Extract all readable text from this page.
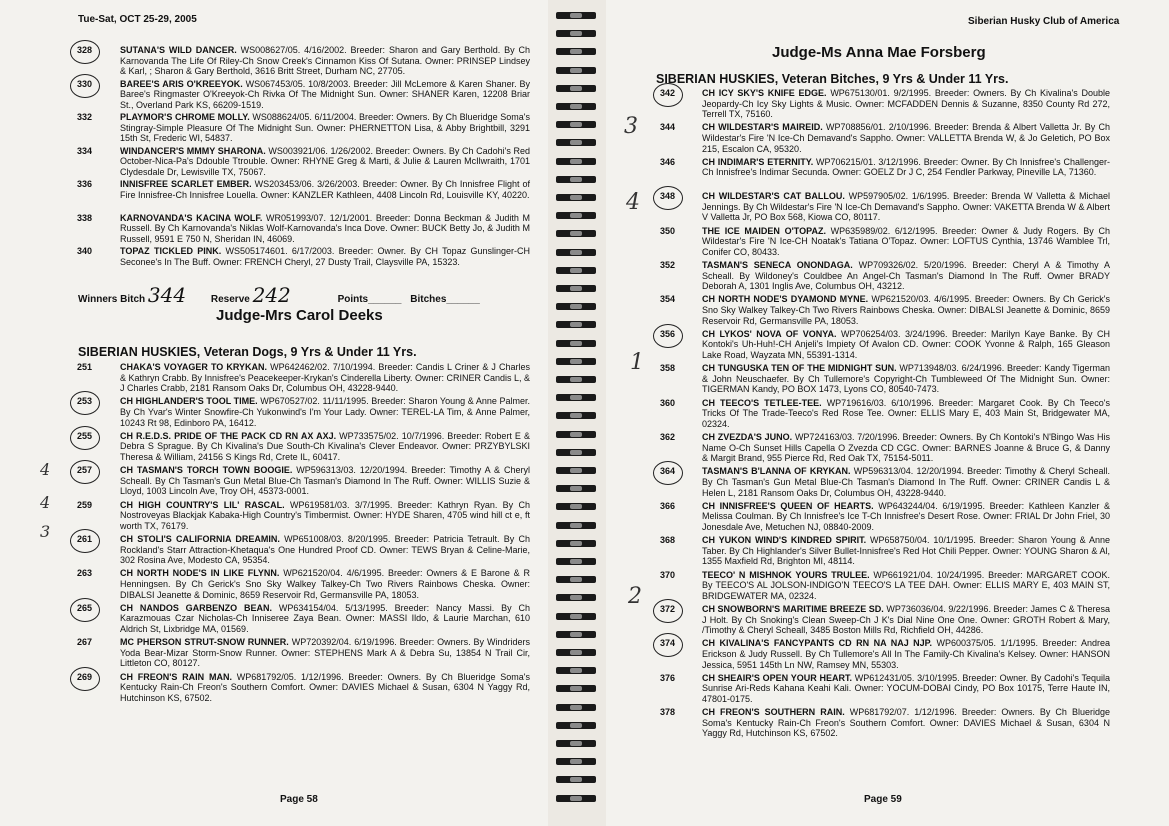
Tue-Sat, OCT 25-29, 2005
328	SUTANA'S WILD DANCER. WS008627/05. 4/16/2002. Breeder: Sharon and Gary Berthold. By Ch Karnovanda The Life Of Riley-Ch Snow Creek's Cinnamon Kiss Of Sutana. Owner: PRINSEP Lindsey & Karl, ; Sharon & Gary Berthold, 3616 Britt Street, Durham NC, 27705.
330	BAREE'S ARIS O'KREEYOK. WS067453/05. 10/8/2003. Breeder: Jill McLemore & Karen Shaner. By Baree's Ringmaster O'Kreeyok-Ch Rivka Of The Midnight Sun. Owner: SHANER Karen, 12208 Briar St., Overland Park KS, 66209-1519.
332	PLAYMOR'S CHROME MOLLY. WS088624/05. 6/11/2004. Breeder: Owners. By Ch Blueridge Soma's Stingray-Simple Pleasure Of The Midnight Sun. Owner: PHERNETTON Lisa, & Abby Brightbill, 3291 15th St, Frederic WI, 54837.
334	WINDANCER'S MMMY SHARONA. WS003921/06. 1/26/2002. Breeder: Owners. By Ch Cadohi's Red October-Nica-Pa's Ddouble Ttrouble. Owner: RHYNE Greg & Marti, & Julie & Lauren McIlwraith, 1701 Clydesdale Dr, Lewisville TX, 75067.
336	INNISFREE SCARLET EMBER. WS203453/06. 3/26/2003. Breeder: Owner. By Ch Innisfree Flight of Fire Innisfree-Ch Innisfree Louella. Owner: KANZLER Kathleen, 4408 Lincoln Rd, Louisville KY, 40220.
338	KARNOVANDA'S KACINA WOLF. WR051993/07. 12/1/2001. Breeder: Donna Beckman & Judith M Russell. By Ch Karnovanda's Niklas Wolf-Karnovanda's Inca Dove. Owner: BUCK Betty Jo, & Judith M Russell, 9591 E 750 N, Sheridan IN, 46069.
340	TOPAZ TICKLED PINK. WS505174601. 6/17/2003. Breeder: Owner. By CH Topaz Gunslinger-CH Seconee's In The Buff. Owner: FRENCH Cheryl, 27 Dusty Trail, Claysville PA, 15323.
Winners Bitch 344 Reserve 242	Points______ Bitches______
Judge-Mrs Carol Deeks
SIBERIAN HUSKIES, Veteran Dogs, 9 Yrs & Under 11 Yrs.
251	CHAKA'S VOYAGER TO KRYKAN. WP642462/02. 7/10/1994. Breeder: Candis L Criner & J Charles & Kathryn Crabb. By Innisfree's Peacekeeper-Krykan's Cinderella Liberty. Owner: CRINER Candis L, & J Charles Crabb, 2181 Ransom Oaks Dr, Columbus OH, 43228-9440.
253	CH HIGHLANDER'S TOOL TIME. WP670527/02. 11/11/1995. Breeder: Sharon Young & Anne Palmer. By Ch Yvar's Winter Snowfire-Ch Yukonwind's I'm Your Lady. Owner: TEREL-LA Tim, & Anne Palmer, 10243 Rt 98, Edinboro PA, 16412.
255	CH R.E.D.S. PRIDE OF THE PACK CD RN AX AXJ. WP733575/02. 10/7/1996. Breeder: Robert E & Debra S Sprague. By Ch Kivalina's Due South-Ch Kivalina's Clever Endeavor. Owner: PRZYBYLSKI Theresa & William, 24156 S Kings Rd, Crete IL, 60417.
257	CH TASMAN'S TORCH TOWN BOOGIE. WP596313/03. 12/20/1994. Breeder: Timothy A & Cheryl Scheall. By Ch Tasman's Gun Metal Blue-Ch Tasman's Diamond In The Ruff. Owner: WILLIS Suzie & Lloyd, 1003 Lincoln Ave, Troy OH, 45373-0001.
259	CH HIGH COUNTRY'S LIL' RASCAL. WP619581/03. 3/7/1995. Breeder: Kathryn Ryan. By Ch Nostroveyas Blackjak Kabaka-High Country's Timbermist. Owner: HYDE Sharen, 4705 wind hill ct e, ft worth TX, 76179.
261	CH STOLI'S CALIFORNIA DREAMIN. WP651008/03. 8/20/1995. Breeder: Patricia Tetrault. By Ch Rockland's Starr Attraction-Khetaqua's One Hundred Proof CD. Owner: TEWS Bryan & Celine-Marie, 302 Rosina Ave, Modesto CA, 95354.
263	CH NORTH NODE'S IN LIKE FLYNN. WP621520/04. 4/6/1995. Breeder: Owners & E Barone & R Henningsen. By Ch Gerick's Sno Sky Walkey Talkey-Ch Two Rivers Rainbows Cheska. Owner: DIBALSI Jeanette & Dominic, 8659 Reservoir Rd, Germansville PA, 18053.
265	CH NANDOS GARBENZO BEAN. WP634154/04. 5/13/1995. Breeder: Nancy Massi. By Ch Karazmouas Czar Nicholas-Ch Inniseree Zaya Bean. Owner: MASSI Ildo, & Laurie Marchan, 610 Aldrich St, Lixbridge MA, 01569.
267	MC PHERSON STRUT-SNOW RUNNER. WP720392/04. 6/19/1996. Breeder: Owners. By Windriders Yoda Bear-Mizar Storm-Snow Runner. Owner: STEPHENS Mark A & Debra Su, 13854 N Trail Cir, Littleton CO, 80127.
269	CH FREON'S RAIN MAN. WP681792/05. 1/12/1996. Breeder: Owners. By Ch Blueridge Soma's Kentucky Rain-Ch Freon's Southern Comfort. Owner: DAVIES Michael & Susan, 6304 N Yaggy Rd, Hutchinson KS, 67502.
4
4
3
Page 58
Siberian Husky Club of America
Judge-Ms Anna Mae Forsberg
SIBERIAN HUSKIES, Veteran Bitches, 9 Yrs & Under 11 Yrs.
342	CH ICY SKY'S KNIFE EDGE. WP675130/01. 9/2/1995. Breeder: Owners. By Ch Kivalina's Double Jeopardy-Ch Icy Sky Lights & Music. Owner: MCFADDEN Dennis & Suzanne, 8350 County Rd 272, Terrell TX, 75160.
344	CH WILDESTAR'S MAIREID. WP708856/01. 2/10/1996. Breeder: Brenda & Albert Valletta Jr. By Ch Wildestar's Fire 'N Ice-Ch Demavand's Sappho. Owner: VALLETTA Brenda W, & Jo Geletich, PO Box 215, Escalon CA, 95320.
346	CH INDIMAR'S ETERNITY. WP706215/01. 3/12/1996. Breeder: Owner. By Ch Innisfree's Challenger-Ch Innisfree's Indimar Secunda. Owner: GOELZ Dr J C, 254 Fendler Parkway, Pineville LA, 71360.
348	CH WILDESTAR'S CAT BALLOU. WP597905/02. 1/6/1995. Breeder: Brenda W Valletta & Michael Jennings. By Ch Wildestar's Fire 'N Ice-Ch Demavand's Sappho. Owner: VAKETTA Brenda W & Albert V Valletta Jr, PO Box 568, Kiowa CO, 80117.
350	THE ICE MAIDEN O'TOPAZ. WP635989/02. 6/12/1995. Breeder: Owner & Judy Rogers. By Ch Wildestar's Fire 'N Ice-CH Noatak's Tatiana O'Topaz. Owner: LOFTUS Cynthia, 13746 Wamblee Trl, Conifer CO, 80433.
352	TASMAN'S SENECA ONONDAGA. WP709326/02. 5/20/1996. Breeder: Cheryl A & Timothy A Scheall. By Wildoney's Couldbee An Angel-Ch Tasman's Diamond In The Ruff. Owner BRADY Deborah A, 1301 Inglis Ave, Columbus OH, 43212.
354	CH NORTH NODE'S DYAMOND MYNE. WP621520/03. 4/6/1995. Breeder: Owners. By Ch Gerick's Sno Sky Walkey Talkey-Ch Two Rivers Rainbows Cheska. Owner: DIBALSI Jeanette & Dominic, 8659 Reservoir Rd, Germansville PA, 18053.
356	CH LYKOS' NOVA OF VONYA. WP706254/03. 3/24/1996. Breeder: Marilyn Kaye Banke. By CH Kontoki's Uh-Huh!-CH Anjeli's Impiety Of Avalon CD. Owner: COOK Yvonne & Ralph, 165 Gleason Lake Road, Wayzata MN, 55391-1314.
358	CH TUNGUSKA TEN OF THE MIDNIGHT SUN. WP713948/03. 6/24/1996. Breeder: Kandy Tigerman & John Neuschaefer. By Ch Tullemore's Copyright-Ch Tumbleweed Of The Midnight Sun. Owner: TIGERMAN Kandy, PO BOX 1473, Lyons CO, 80540-7473.
360	CH TEECO'S TETLEE-TEE. WP719616/03. 6/10/1996. Breeder: Margaret Cook. By Ch Teeco's Tricks Of The Trade-Teeco's Red Rose Tee. Owner: ELLIS Mary E, 403 Main St, Bridgewater MA, 02324.
362	CH ZVEZDA'S JUNO. WP724163/03. 7/20/1996. Breeder: Owners. By Ch Kontoki's N'Bingo Was His Name O-Ch Sunset Hills Capella O Zvezda CD CGC. Owner: BARNES Joanne & Bruce G, & Danny & Margit Brand, 955 Pierce Rd, Red Oak TX, 75154-5011.
364	TASMAN'S B'LANNA OF KRYKAN. WP596313/04. 12/20/1994. Breeder: Timothy & Cheryl Scheall. By Ch Tasman's Gun Metal Blue-Ch Tasman's Diamond In The Ruff. Owner: CRINER Candis L & Helen L, 2181 Ransom Oaks Dr, Columbus OH, 43228-9440.
366	CH INNISFREE'S QUEEN OF HEARTS. WP643244/04. 6/19/1995. Breeder: Kathleen Kanzler & Melissa Coulman. By Ch Innisfree's Ice T-Ch Innisfree's Desert Rose. Owner: FRIAL Dr John Friel, 30 Jonesdale Ave, Metuchen NJ, 08840-2009.
368	CH YUKON WIND'S KINDRED SPIRIT. WP658750/04. 10/1/1995. Breeder: Sharon Young & Anne Taber. By Ch Highlander's Silver Bullet-Innisfree's Red Hot Chili Pepper. Owner: YOUNG Sharon & Al, 1355 Maxfield Rd, Brighton MI, 48114.
370	TEECO' N MISHNOK YOURS TRULEE. WP661921/04. 10/24/1995. Breeder: MARGARET COOK. By TEECO'S AL JOLSON-INDIGO'N TEECO'S LA TEE DAH. Owner: ELLIS MARY E, 403 MAIN ST, BRIDGEWATER MA, 02324.
372	CH SNOWBORN'S MARITIME BREEZE SD. WP736036/04. 9/22/1996. Breeder: James C & Theresa J Holt. By Ch Snoking's Clean Sweep-Ch J K's Dial Nine One One. Owner: GROTH Robert & Mary, /Timothy & Cheryl Scheall, 3485 Boston Mills Rd, Richfield OH, 44286.
374	CH KIVALINA'S FANCYPANTS CD RN NA NAJ NJP. WP600375/05. 1/1/1995. Breeder: Andrea Erickson & Judy Russell. By Ch Tullemore's All In The Family-Ch Kivalina's Kelsey. Owner: HANSON Jessica, 5951 145th Ln NW, Ramsey MN, 55303.
376	CH SHEAIR'S OPEN YOUR HEART. WP612431/05. 3/10/1995. Breeder: Owner. By Cadohi's Tequila Sunrise Ari-Reds Kahana Keahi Kali. Owner: YOCUM-DOBAI Cindy, PO Box 10175, Terre Haute IN, 47801-0175.
378	CH FREON'S SOUTHERN RAIN. WP681792/07. 1/12/1996. Breeder: Owners. By Ch Blueridge Soma's Kentucky Rain-Ch Freon's Southern Comfort. Owner: DAVIES Michael & Susan, 6304 N Yaggy Rd, Hutchinson KS, 67502.
3
4
1
2
Page 59
